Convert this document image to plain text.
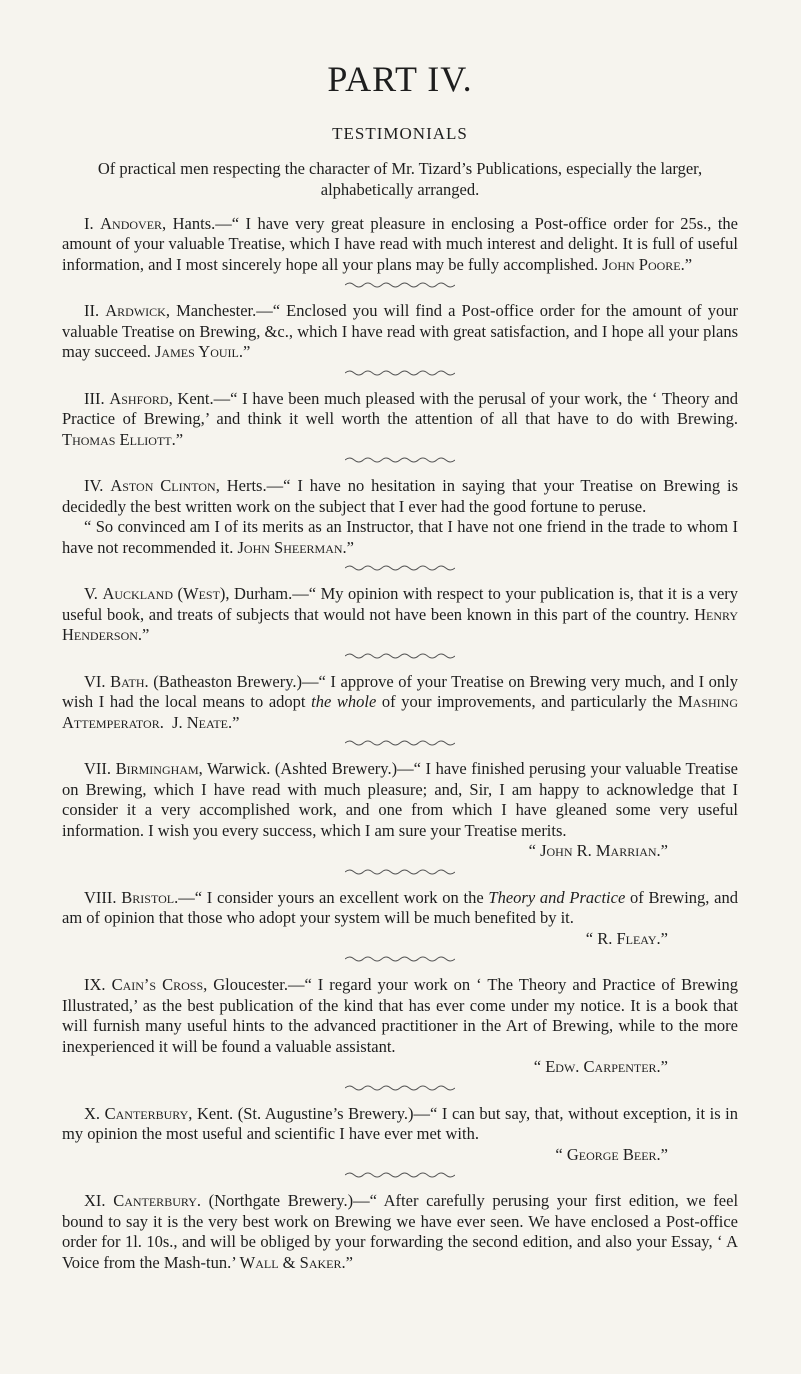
PART IV.
TESTIMONIALS

Of practical men respecting the character of Mr. Tizard’s Publications, especially the larger, alphabetically arranged.

I. Andover, Hants.—“ I have very great pleasure in enclosing a Post-office order for 25s., the amount of your valuable Treatise, which I have read with much interest and delight. It is full of useful information, and I most sincerely hope all your plans may be fully accomplished. John Poore.”

II. Ardwick, Manchester.—“ Enclosed you will find a Post-office order for the amount of your valuable Treatise on Brewing, &c., which I have read with great satisfaction, and I hope all your plans may succeed. James Youil.”

III. Ashford, Kent.—“ I have been much pleased with the perusal of your work, the ‘ Theory and Practice of Brewing,’ and think it well worth the attention of all that have to do with Brewing. Thomas Elliott.”

IV. Aston Clinton, Herts.—“ I have no hesitation in saying that your Treatise on Brewing is decidedly the best written work on the subject that I ever had the good fortune to peruse.

“ So convinced am I of its merits as an Instructor, that I have not one friend in the trade to whom I have not recommended it. John Sheerman.”

V. Auckland (West), Durham.—“ My opinion with respect to your publication is, that it is a very useful book, and treats of subjects that would not have been known in this part of the country. Henry Henderson.”

VI. Bath. (Batheaston Brewery.)—“ I approve of your Treatise on Brewing very much, and I only wish I had the local means to adopt the whole of your improvements, and particularly the Mashing Attemperator. J. Neate.”

VII. Birmingham, Warwick. (Ashted Brewery.)—“ I have finished perusing your valuable Treatise on Brewing, which I have read with much pleasure; and, Sir, I am happy to acknowledge that I consider it a very accomplished work, and one from which I have gleaned some very useful information. I wish you every success, which I am sure your Treatise merits.

“ John R. Marrian.”

VIII. Bristol.—“ I consider yours an excellent work on the Theory and Practice of Brewing, and am of opinion that those who adopt your system will be much benefited by it.

“ R. Fleay.”

IX. Cain’s Cross, Gloucester.—“ I regard your work on ‘ The Theory and Practice of Brewing Illustrated,’ as the best publication of the kind that has ever come under my notice. It is a book that will furnish many useful hints to the advanced practitioner in the Art of Brewing, while to the more inexperienced it will be found a valuable assistant.

“ Edw. Carpenter.”

X. Canterbury, Kent. (St. Augustine’s Brewery.)—“ I can but say, that, without exception, it is in my opinion the most useful and scientific I have ever met with.

“ George Beer.”

XI. Canterbury. (Northgate Brewery.)—“ After carefully perusing your first edition, we feel bound to say it is the very best work on Brewing we have ever seen. We have enclosed a Post-office order for 1l. 10s., and will be obliged by your forwarding the second edition, and also your Essay, ‘ A Voice from the Mash-tun.’ Wall & Saker.”
